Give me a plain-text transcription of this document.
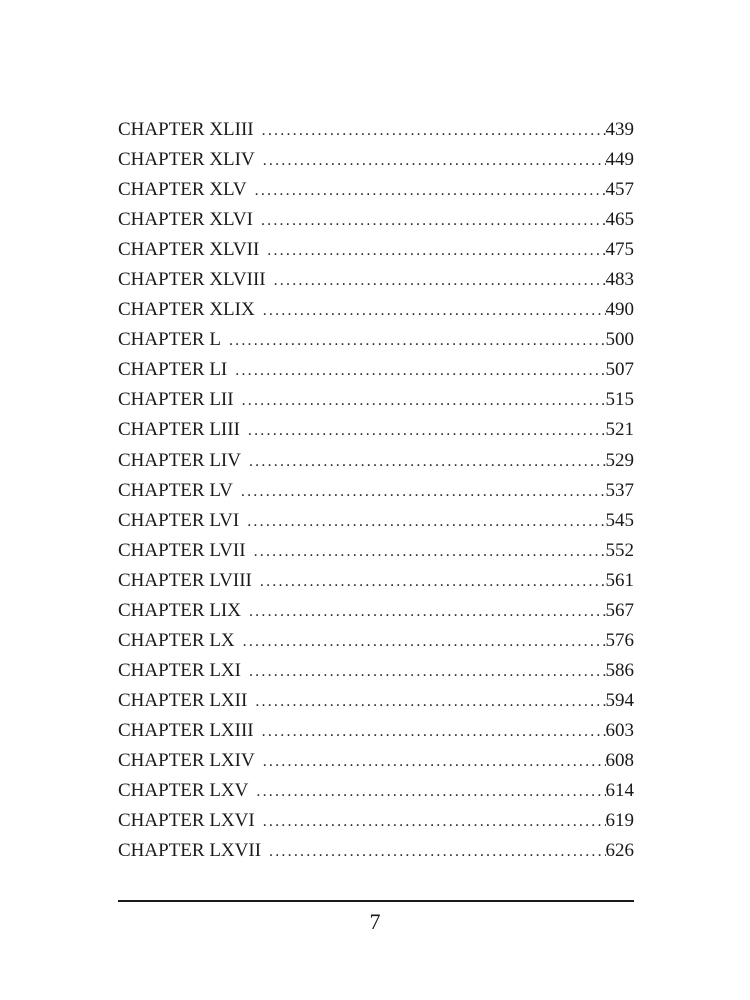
CHAPTER XLIII .....	439
CHAPTER XLIV .....	449
CHAPTER XLV .....	457
CHAPTER XLVI .....	465
CHAPTER XLVII .....	475
CHAPTER XLVIII .....	483
CHAPTER XLIX .....	490
CHAPTER L .....	500
CHAPTER LI .....	507
CHAPTER LII .....	515
CHAPTER LIII .....	521
CHAPTER LIV .....	529
CHAPTER LV .....	537
CHAPTER LVI .....	545
CHAPTER LVII .....	552
CHAPTER LVIII .....	561
CHAPTER LIX .....	567
CHAPTER LX .....	576
CHAPTER LXI .....	586
CHAPTER LXII .....	594
CHAPTER LXIII .....	603
CHAPTER LXIV .....	608
CHAPTER LXV .....	614
CHAPTER LXVI .....	619
CHAPTER LXVII .....	626
7
